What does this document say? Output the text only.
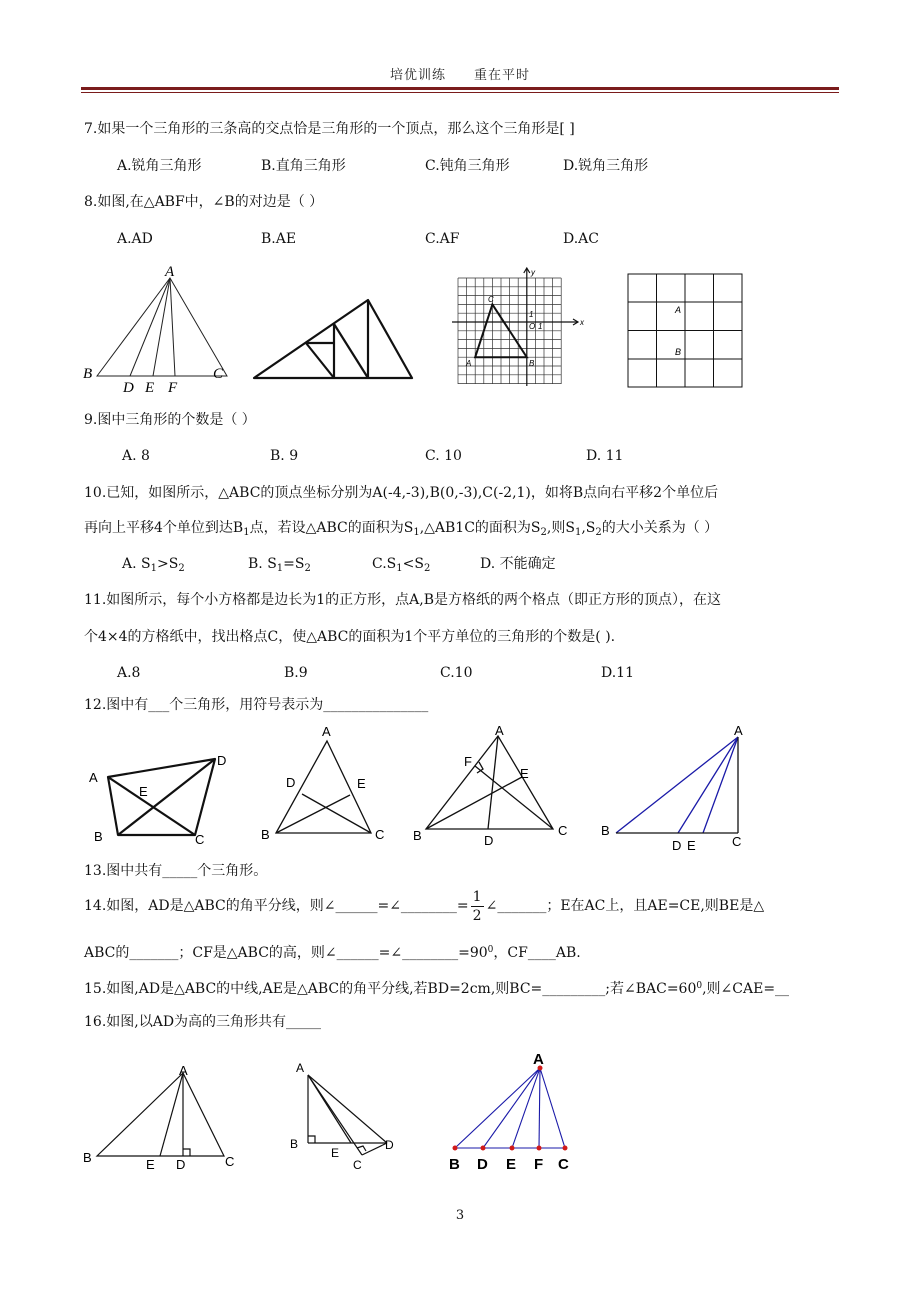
培优训练 重在平时
7.如果一个三角形的三条高的交点恰是三角形的一个顶点，那么这个三角形是[ ]
A.锐角三角形	B.直角三角形	C.钝角三角形	D.锐角三角形
8.如图,在△ABF中，∠B的对边是（ ）
A.AD	B.AE	C.AF	D.AC
A
B	C
D E F
y
x
C
1
O 1
A	B
A
B
9.图中三角形的个数是（ ）
A. 8	B. 9	C. 10	D. 11
10.已知，如图所示，△ABC的顶点坐标分别为A(-4,-3),B(0,-3),C(-2,1)，如将B点向右平移2个单位后
再向上平移4个单位到达$B_1$点，若设△ABC的面积为$S_1,\triangle AB1C$的面积为$S_2$,则$S_1,S_2$的大小关系为（ ）
A. $S_1>S_2$	B. $S_1=S_2$	$C.S_1<S_2$	D. 不能确定
11.如图所示，每个小方格都是边长为1的正方形，点A,B是方格纸的两个格点（即正方形的顶点），在这
个4×4的方格纸中，找出格点C，使△ABC的面积为1个平方单位的三角形的个数是( ).
A.8	B.9	C.10	D.11
12.图中有___个三角形，用符号表示为_______________
A
D
E
B	C
A
D	E
B	C
A
F
E
B	D
C
A
B
D E	C
13.图中共有_____个三角形。
14.如图，AD是△ABC的角平分线，则∠______=∠________= $\frac{1}{2}$ ∠_______；E在AC上，且AE=CE,则BE是△
ABC的_______；CF是△ABC的高，则$\angle\_\_\_\_\_\_=\angle\_\_\_\_\_\_\_\_=90^0$，CF____AB.
15.如图,AD是△ABC的中线,AE是△ABC的角平分线,若BD=2cm,则BC=_________;若$\angle BAC=60^0$,则∠CAE=__
16.如图,以AD为高的三角形共有_____
A
B	E D	C
A
B
E
C
D
A
B D E F C
3
